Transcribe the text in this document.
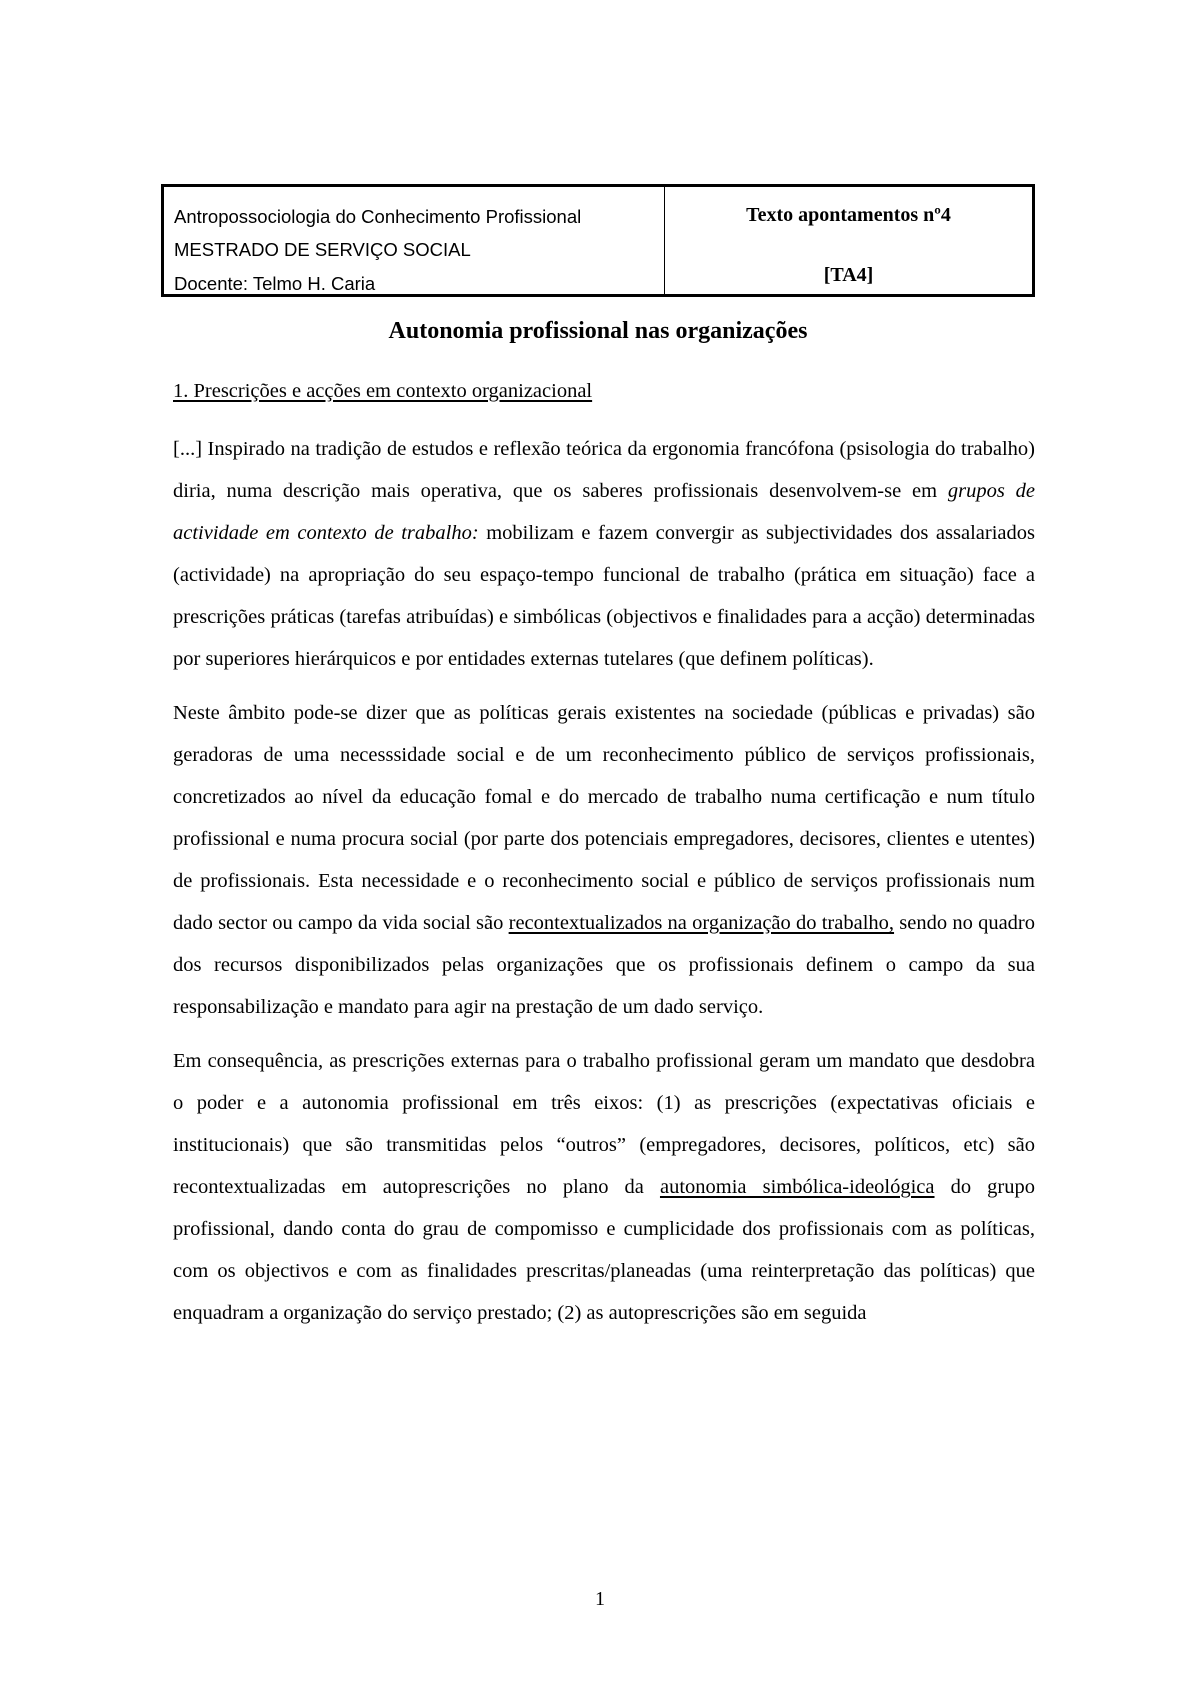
Antropossociologia do Conhecimento Profissional
MESTRADO DE SERVIÇO SOCIAL
Docente: Telmo H. Caria
Texto apontamentos nº4
[TA4]
Autonomia profissional nas organizações
1. Prescrições e acções em contexto organizacional

[...] Inspirado na tradição de estudos e reflexão teórica da ergonomia francófona (psisologia do trabalho) diria, numa descrição mais operativa, que os saberes profissionais desenvolvem-se em grupos de actividade em contexto de trabalho: mobilizam e fazem convergir as subjectividades dos assalariados (actividade) na apropriação do seu espaço-tempo funcional de trabalho (prática em situação) face a prescrições práticas (tarefas atribuídas) e simbólicas (objectivos e finalidades para a acção) determinadas por superiores hierárquicos e por entidades externas tutelares (que definem políticas).

Neste âmbito pode-se dizer que as políticas gerais existentes na sociedade (públicas e privadas) são geradoras de uma necesssidade social e de um reconhecimento público de serviços profissionais, concretizados ao nível da educação fomal e do mercado de trabalho numa certificação e num título profissional e numa procura social (por parte dos potenciais empregadores, decisores, clientes e utentes) de profissionais. Esta necessidade e o reconhecimento social e público de serviços profissionais num dado sector ou campo da vida social são recontextualizados na organização do trabalho, sendo no quadro dos recursos disponibilizados pelas organizações que os profissionais definem o campo da sua responsabilização e mandato para agir na prestação de um dado serviço.

Em consequência, as prescrições externas para o trabalho profissional geram um mandato que desdobra o poder e a autonomia profissional em três eixos: (1) as prescrições (expectativas oficiais e institucionais) que são transmitidas pelos “outros” (empregadores, decisores, políticos, etc) são recontextualizadas em autoprescrições no plano da autonomia simbólica-ideológica do grupo profissional, dando conta do grau de compomisso e cumplicidade dos profissionais com as políticas, com os objectivos e com as finalidades prescritas/planeadas (uma reinterpretação das políticas) que enquadram a organização do serviço prestado; (2) as autoprescrições são em seguida

1
